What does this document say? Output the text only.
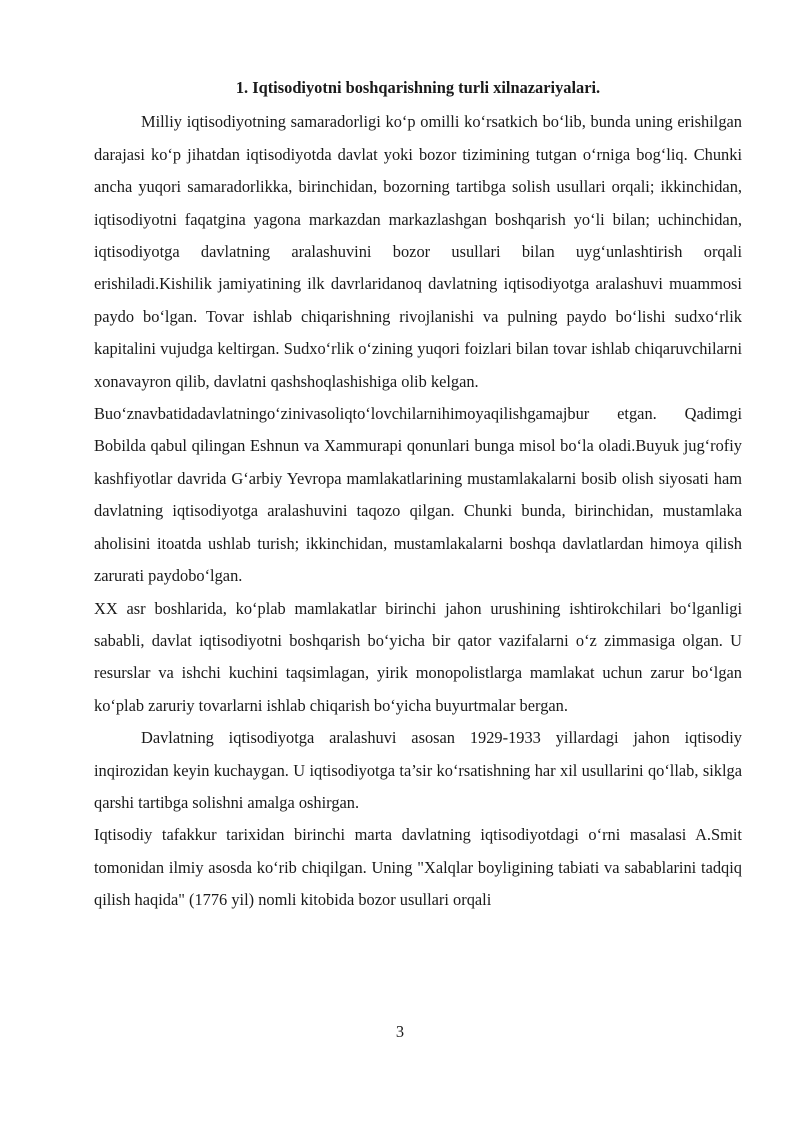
1. Iqtisodiyotni boshqarishning turli xilnazariyalari.

Milliy iqtisodiyotning samaradorligi ko‘p omilli ko‘rsatkich bo‘lib, bunda uning erishilgan darajasi ko‘p jihatdan iqtisodiyotda davlat yoki bozor tizimining tutgan o‘rniga bog‘liq. Chunki ancha yuqori samaradorlikka, birinchidan, bozorning tartibga solish usullari orqali; ikkinchidan, iqtisodiyotni faqatgina yagona markazdan markazlashgan boshqarish yo‘li bilan; uchinchidan, iqtisodiyotga davlatning aralashuvini bozor usullari bilan uyg‘unlashtirish orqali erishiladi.Kishilik jamiyatining ilk davrlaridanoq davlatning iqtisodiyotga aralashuvi muammosi paydo bo‘lgan. Tovar ishlab chiqarishning rivojlanishi va pulning paydo bo‘lishi sudxo‘rlik kapitalini vujudga keltirgan. Sudxo‘rlik o‘zining yuqori foizlari bilan tovar ishlab chiqaruvchilarni xonavayron qilib, davlatni qashshoqlashishiga olib kelgan.

Buo‘znavbatidadavlatningo‘zinivasoliqto‘lovchilarnihimoyaqilishgamajbur etgan. Qadimgi Bobilda qabul qilingan Eshnun va Xammurapi qonunlari bunga misol bo‘la oladi.Buyuk jug‘rofiy kashfiyotlar davrida G‘arbiy Yevropa mamlakatlarining mustamlakalarni bosib olish siyosati ham davlatning iqtisodiyotga aralashuvini taqozo qilgan. Chunki bunda, birinchidan, mustamlaka aholisini itoatda ushlab turish; ikkinchidan, mustamlakalarni boshqa davlatlardan himoya qilish zarurati paydobo‘lgan.

XX asr boshlarida, ko‘plab mamlakatlar birinchi jahon urushining ishtirokchilari bo‘lganligi sababli, davlat iqtisodiyotni boshqarish bo‘yicha bir qator vazifalarni o‘z zimmasiga olgan. U resurslar va ishchi kuchini taqsimlagan, yirik monopolistlarga mamlakat uchun zarur bo‘lgan ko‘plab zaruriy tovarlarni ishlab chiqarish bo‘yicha buyurtmalar bergan.

Davlatning iqtisodiyotga aralashuvi asosan 1929-1933 yillardagi jahon iqtisodiy inqirozidan keyin kuchaygan. U iqtisodiyotga ta’sir ko‘rsatishning har xil usullarini qo‘llab, siklga qarshi tartibga solishni amalga oshirgan.

Iqtisodiy tafakkur tarixidan birinchi marta davlatning iqtisodiyotdagi o‘rni masalasi A.Smit tomonidan ilmiy asosda ko‘rib chiqilgan. Uning "Xalqlar boyligining tabiati va sabablarini tadqiq qilish haqida" (1776 yil) nomli kitobida bozor usullari orqali

3
